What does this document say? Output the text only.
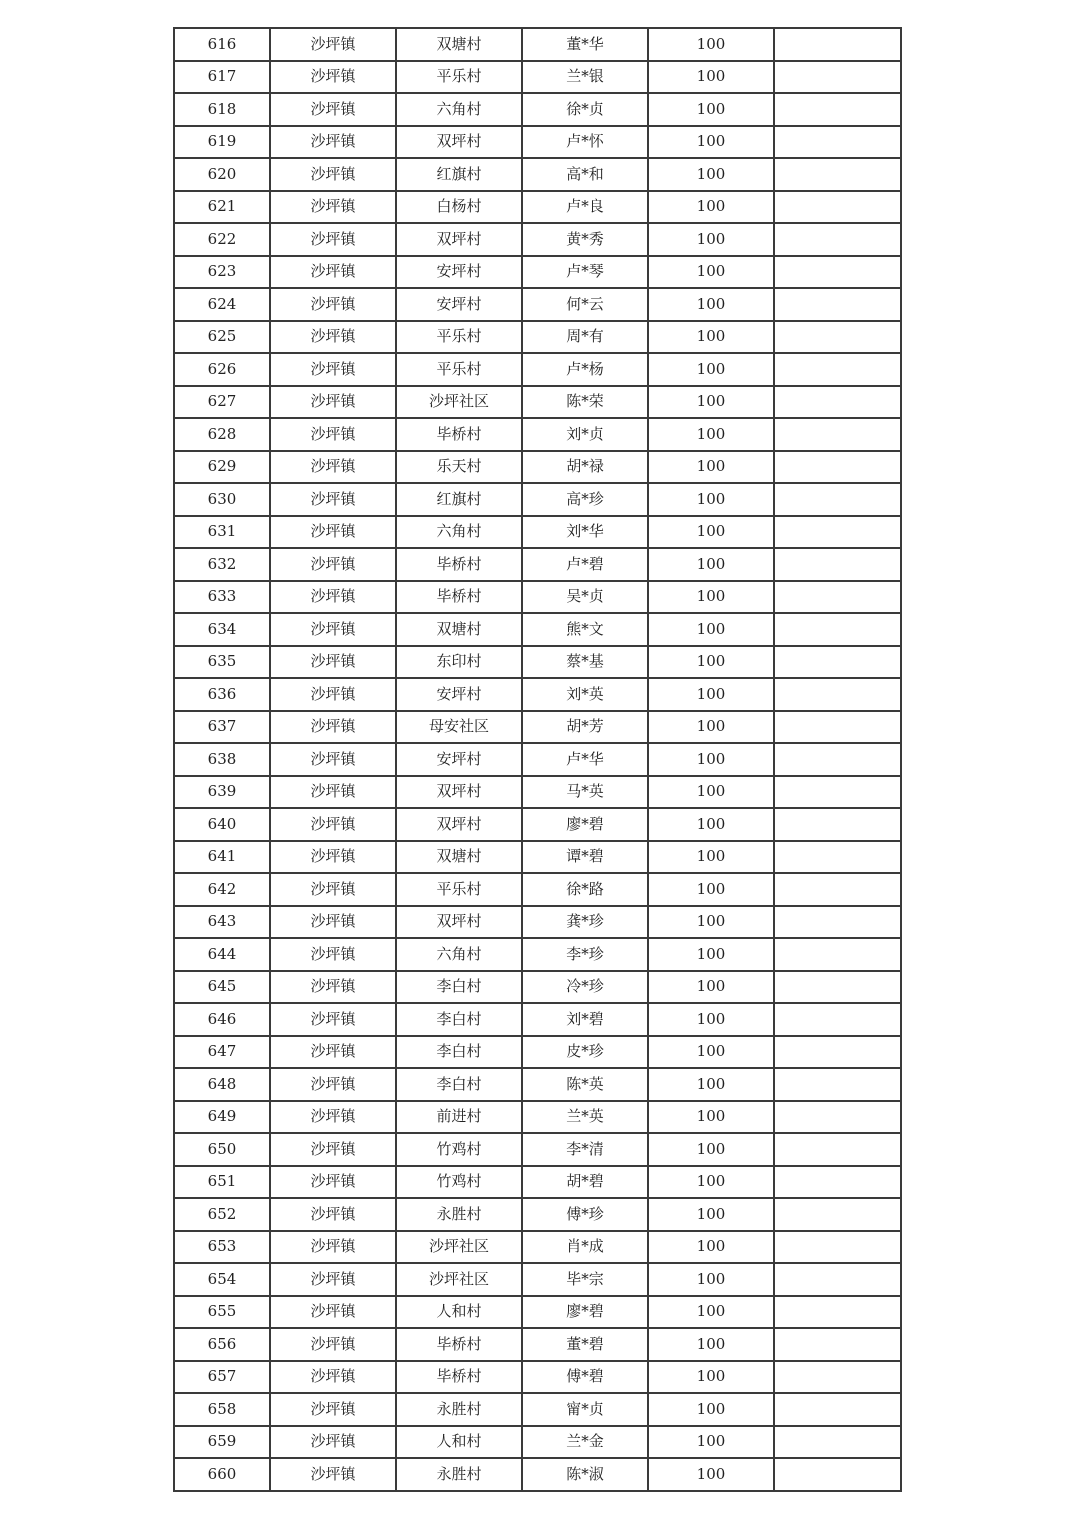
616	沙坪镇	双塘村	董*华	100	
617	沙坪镇	平乐村	兰*银	100	
618	沙坪镇	六角村	徐*贞	100	
619	沙坪镇	双坪村	卢*怀	100	
620	沙坪镇	红旗村	高*和	100	
621	沙坪镇	白杨村	卢*良	100	
622	沙坪镇	双坪村	黄*秀	100	
623	沙坪镇	安坪村	卢*琴	100	
624	沙坪镇	安坪村	何*云	100	
625	沙坪镇	平乐村	周*有	100	
626	沙坪镇	平乐村	卢*杨	100	
627	沙坪镇	沙坪社区	陈*荣	100	
628	沙坪镇	毕桥村	刘*贞	100	
629	沙坪镇	乐天村	胡*禄	100	
630	沙坪镇	红旗村	高*珍	100	
631	沙坪镇	六角村	刘*华	100	
632	沙坪镇	毕桥村	卢*碧	100	
633	沙坪镇	毕桥村	吴*贞	100	
634	沙坪镇	双塘村	熊*文	100	
635	沙坪镇	东印村	蔡*基	100	
636	沙坪镇	安坪村	刘*英	100	
637	沙坪镇	母安社区	胡*芳	100	
638	沙坪镇	安坪村	卢*华	100	
639	沙坪镇	双坪村	马*英	100	
640	沙坪镇	双坪村	廖*碧	100	
641	沙坪镇	双塘村	谭*碧	100	
642	沙坪镇	平乐村	徐*路	100	
643	沙坪镇	双坪村	龚*珍	100	
644	沙坪镇	六角村	李*珍	100	
645	沙坪镇	李白村	冷*珍	100	
646	沙坪镇	李白村	刘*碧	100	
647	沙坪镇	李白村	皮*珍	100	
648	沙坪镇	李白村	陈*英	100	
649	沙坪镇	前进村	兰*英	100	
650	沙坪镇	竹鸡村	李*清	100	
651	沙坪镇	竹鸡村	胡*碧	100	
652	沙坪镇	永胜村	傅*珍	100	
653	沙坪镇	沙坪社区	肖*成	100	
654	沙坪镇	沙坪社区	毕*宗	100	
655	沙坪镇	人和村	廖*碧	100	
656	沙坪镇	毕桥村	董*碧	100	
657	沙坪镇	毕桥村	傅*碧	100	
658	沙坪镇	永胜村	甯*贞	100	
659	沙坪镇	人和村	兰*金	100	
660	沙坪镇	永胜村	陈*淑	100	
